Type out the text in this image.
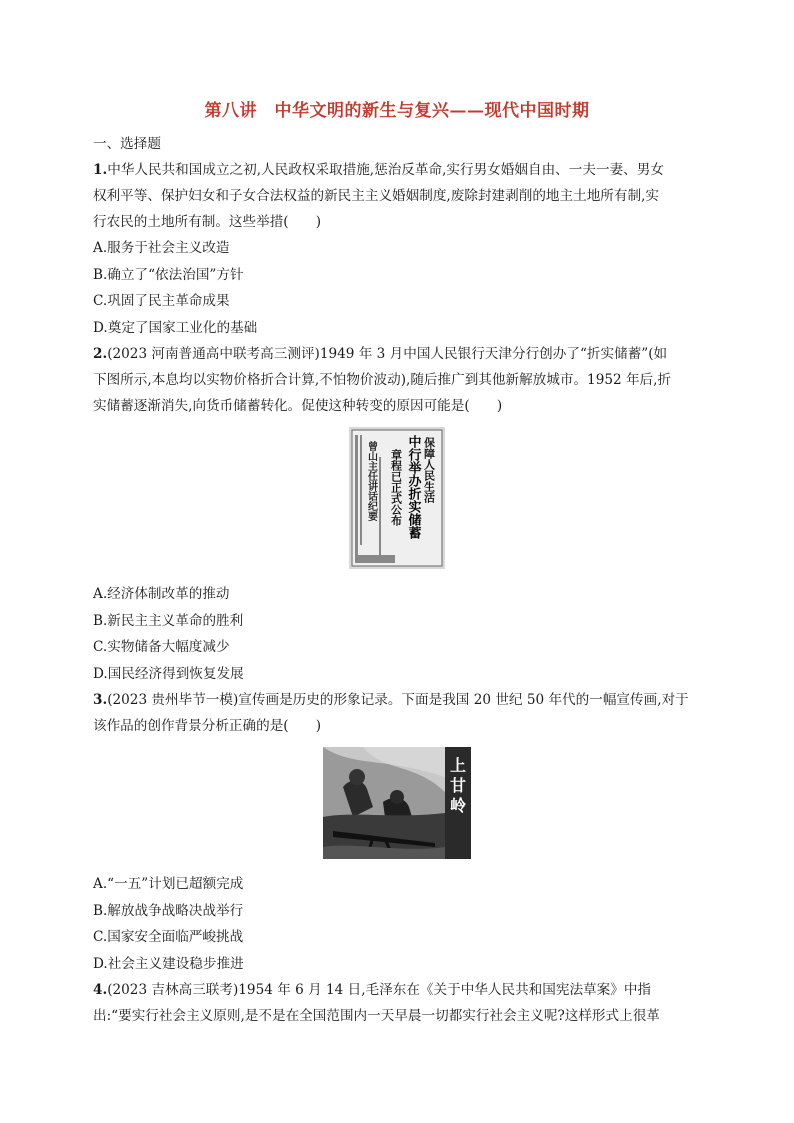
第八讲　中华文明的新生与复兴——现代中国时期
一、选择题
1.中华人民共和国成立之初,人民政权采取措施,惩治反革命,实行男女婚姻自由、一夫一妻、男女
权利平等、保护妇女和子女合法权益的新民主主义婚姻制度,废除封建剥削的地主土地所有制,实
行农民的土地所有制。这些举措(　　)
A.服务于社会主义改造
B.确立了“依法治国”方针
C.巩固了民主革命成果
D.奠定了国家工业化的基础
2.(2023 河南普通高中联考高三测评)1949 年 3 月中国人民银行天津分行创办了“折实储蓄”(如
下图所示,本息均以实物价格折合计算,不怕物价波动),随后推广到其他新解放城市。1952 年后,折
实储蓄逐渐消失,向货币储蓄转化。促使这种转变的原因可能是(　　)
保障人民生活
中行举办折实储蓄
章程已正式公布
曾山主任讲话纪要
A.经济体制改革的推动
B.新民主主义革命的胜利
C.实物储备大幅度减少
D.国民经济得到恢复发展
3.(2023 贵州毕节一模)宣传画是历史的形象记录。下面是我国 20 世纪 50 年代的一幅宣传画,对于
该作品的创作背景分析正确的是(　　)
上
甘
岭
A.“一五”计划已超额完成
B.解放战争战略决战举行
C.国家安全面临严峻挑战
D.社会主义建设稳步推进
4.(2023 吉林高三联考)1954 年 6 月 14 日,毛泽东在《关于中华人民共和国宪法草案》中指
出:“要实行社会主义原则,是不是在全国范围内一天早晨一切都实行社会主义呢?这样形式上很革
